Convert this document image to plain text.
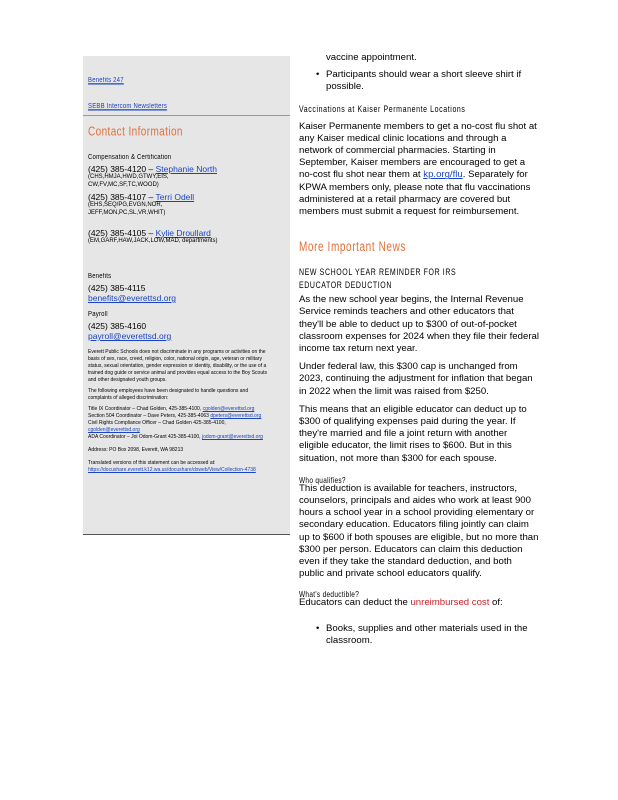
Benefits 247
SEBB Intercom Newsletters
Contact Information
Compensation & Certification
(425) 385-4120 – Stephanie North
(CHS,HMJA,HWD,GTWY,EIS, CW,FV,MC,SF,TC,WOOD)
(425) 385-4107 – Terri Odell
(EHS,SEQ/PG,EVGN,NOR, JEFF,MON,PC,SL,VR,WHIT)
(425) 385-4105 – Kylie Droullard
(EM,GARF,HAW,JACK,LOW,MAD, departments)
Benefits
(425) 385-4115
benefits@everettsd.org
Payroll
(425) 385-4160
payroll@everettsd.org
Everett Public Schools does not discriminate in any programs or activities on the basis of sex, race, creed, religion, color, national origin, age, veteran or military status, sexual orientation, gender expression or identity, disability, or the use of a trained dog guide or service animal and provides equal access to the Boy Scouts and other designated youth groups.
The following employees have been designated to handle questions and complaints of alleged discrimination:
Title IX Coordinator – Chad Golden, 425-385-4100, cgolden@everettsd.org
Section 504 Coordinator – Dave Peters, 425-385-4063 dpeters@everettsd.org
Civil Rights Compliance Officer – Chad Golden 425-385-4100, cgolden@everettsd.org
ADA Coordinator – Joi Odom-Grant 425-385-4100, jodom-grant@everettsd.org
Address: PO Box 2098, Everett, WA 98213
Translated versions of this statement can be accessed at:
https://docushare.everett.k12.wa.us/docushare/dsweb/View/Collection-4738

vaccine appointment.

• Participants should wear a short sleeve shirt if possible.

Vaccinations at Kaiser Permanente Locations

Kaiser Permanente members to get a no-cost flu shot at any Kaiser medical clinic locations and through a network of commercial pharmacies. Starting in September, Kaiser members are encouraged to get a no-cost flu shot near them at kp.org/flu. Separately for KPWA members only, please note that flu vaccinations administered at a retail pharmacy are covered but members must submit a request for reimbursement.

More Important News
NEW SCHOOL YEAR REMINDER FOR IRS
EDUCATOR DEDUCTION

As the new school year begins, the Internal Revenue Service reminds teachers and other educators that they'll be able to deduct up to $300 of out-of-pocket classroom expenses for 2024 when they file their federal income tax return next year.

Under federal law, this $300 cap is unchanged from 2023, continuing the adjustment for inflation that began in 2022 when the limit was raised from $250.

This means that an eligible educator can deduct up to $300 of qualifying expenses paid during the year. If they're married and file a joint return with another eligible educator, the limit rises to $600. But in this situation, not more than $300 for each spouse.

Who qualifies?

This deduction is available for teachers, instructors, counselors, principals and aides who work at least 900 hours a school year in a school providing elementary or secondary education. Educators filing jointly can claim up to $600 if both spouses are eligible, but no more than $300 per person. Educators can claim this deduction even if they take the standard deduction, and both public and private school educators qualify.

What's deductible?

Educators can deduct the unreimbursed cost of:

• Books, supplies and other materials used in the classroom.
